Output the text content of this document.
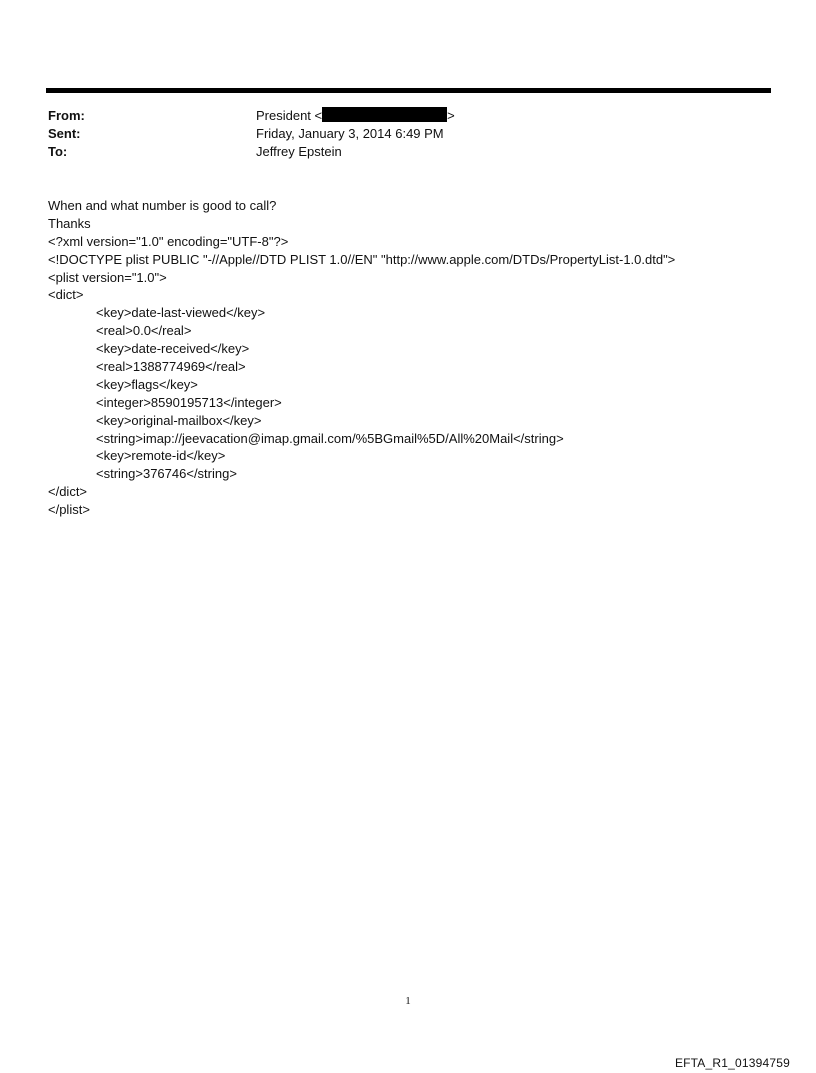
From:	President <	>
Sent:	Friday, January 3, 2014 6:49 PM
To:	Jeffrey Epstein
When and what number is good to call?
Thanks
<?xml version="1.0" encoding="UTF-8"?>
<!DOCTYPE plist PUBLIC "-//Apple//DTD PLIST 1.0//EN" "http://www.apple.com/DTDs/PropertyList-1.0.dtd">
<plist version="1.0">
<dict>
<key>date-last-viewed</key>
<real>0.0</real>
<key>date-received</key>
<real>1388774969</real>
<key>flags</key>
<integer>8590195713</integer>
<key>original-mailbox</key>
<string>imap://jeevacation@imap.gmail.com/%5BGmail%5D/All%20Mail</string>
<key>remote-id</key>
<string>376746</string>
</dict>
</plist>
1
EFTA_R1_01394759
